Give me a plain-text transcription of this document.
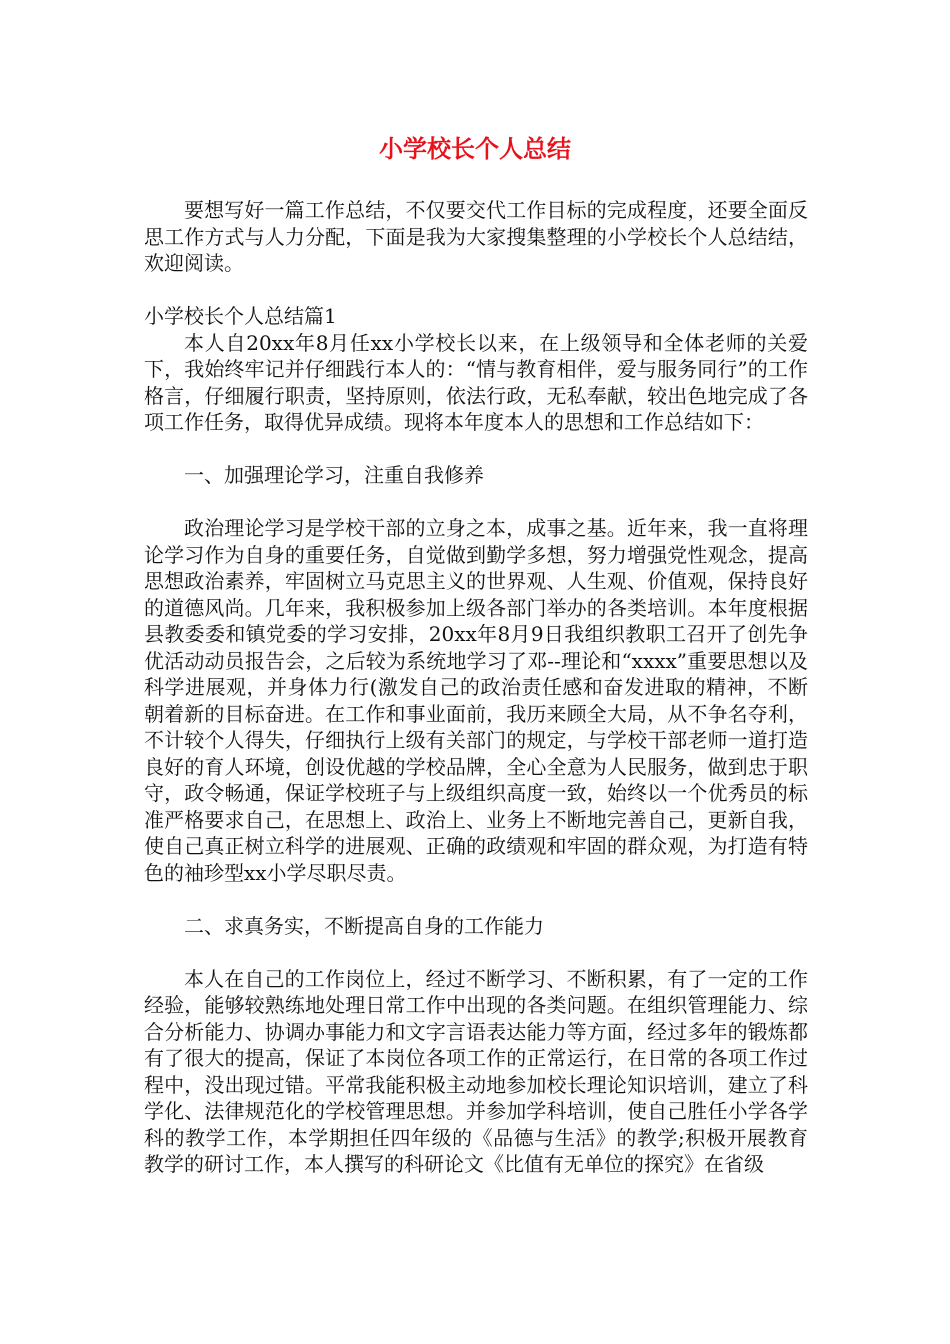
小学校长个人总结

要想写好一篇工作总结，不仅要交代工作目标的完成程度，还要全面反思工作方式与人力分配，下面是我为大家搜集整理的小学校长个人总结结，欢迎阅读。

小学校长个人总结篇1

本人自20xx年8月任xx小学校长以来，在上级领导和全体老师的关爱下，我始终牢记并仔细践行本人的：“情与教育相伴，爱与服务同行”的工作格言，仔细履行职责，坚持原则，依法行政，无私奉献，较出色地完成了各项工作任务，取得优异成绩。现将本年度本人的思想和工作总结如下：

一、加强理论学习，注重自我修养

政治理论学习是学校干部的立身之本，成事之基。近年来，我一直将理论学习作为自身的重要任务，自觉做到勤学多想，努力增强党性观念，提高思想政治素养，牢固树立马克思主义的世界观、人生观、价值观，保持良好的道德风尚。几年来，我积极参加上级各部门举办的各类培训。本年度根据县教委委和镇党委的学习安排，20xx年8月9日我组织教职工召开了创先争优活动动员报告会，之后较为系统地学习了邓--理论和“xxxx”重要思想以及科学进展观，并身体力行(激发自己的政治责任感和奋发进取的精神，不断朝着新的目标奋进。在工作和事业面前，我历来顾全大局，从不争名夺利，不计较个人得失，仔细执行上级有关部门的规定，与学校干部老师一道打造良好的育人环境，创设优越的学校品牌，全心全意为人民服务，做到忠于职守，政令畅通，保证学校班子与上级组织高度一致，始终以一个优秀员的标准严格要求自己，在思想上、政治上、业务上不断地完善自己，更新自我，使自己真正树立科学的进展观、正确的政绩观和牢固的群众观，为打造有特色的袖珍型xx小学尽职尽责。

二、求真务实，不断提高自身的工作能力

本人在自己的工作岗位上，经过不断学习、不断积累，有了一定的工作经验，能够较熟练地处理日常工作中出现的各类问题。在组织管理能力、综合分析能力、协调办事能力和文字言语表达能力等方面，经过多年的锻炼都有了很大的提高，保证了本岗位各项工作的正常运行，在日常的各项工作过程中，没出现过错。平常我能积极主动地参加校长理论知识培训，建立了科学化、法律规范化的学校管理思想。并参加学科培训，使自己胜任小学各学科的教学工作，本学期担任四年级的《品德与生活》的教学;积极开展教育教学的研讨工作，本人撰写的科研论文《比值有无单位的探究》在省级
